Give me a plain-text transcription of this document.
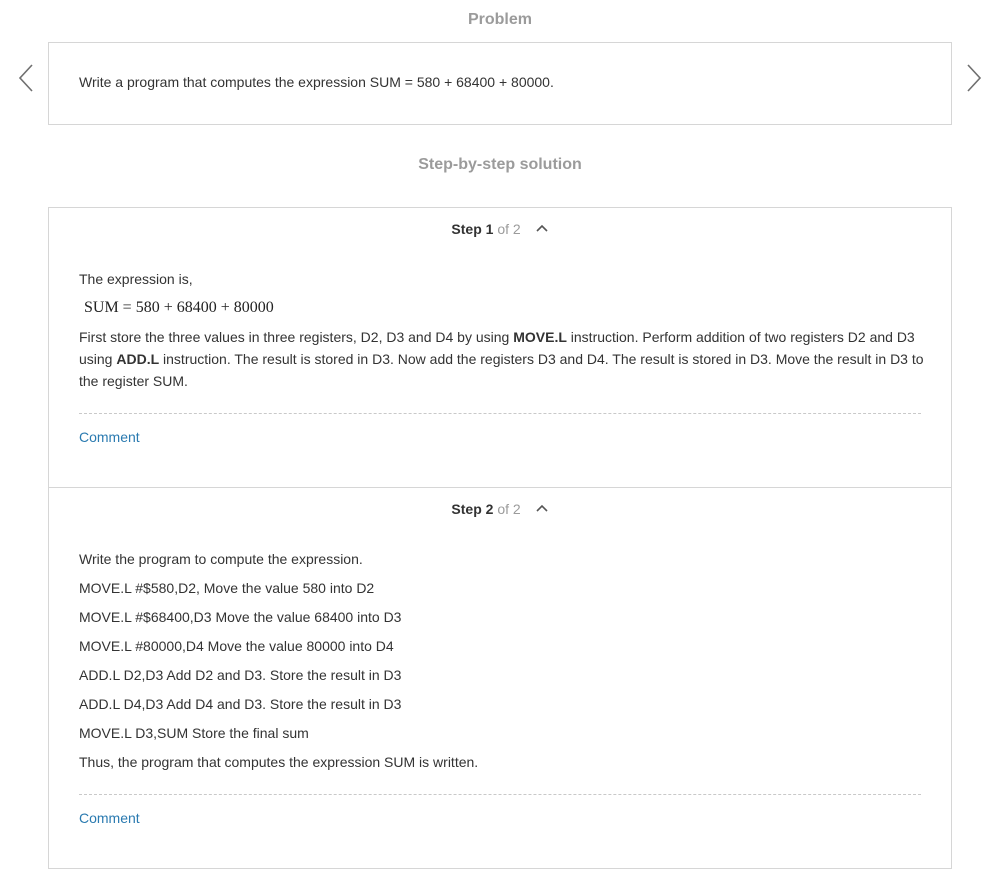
Problem
Write a program that computes the expression SUM = 580 + 68400 + 80000.
Step-by-step solution
Step 1 of 2
The expression is,
SUM = 580 + 68400 + 80000
First store the three values in three registers, D2, D3 and D4 by using MOVE.L instruction. Perform addition of two registers D2 and D3 using ADD.L instruction. The result is stored in D3. Now add the registers D3 and D4. The result is stored in D3. Move the result in D3 to the register SUM.
Comment
Step 2 of 2
Write the program to compute the expression.
MOVE.L #$580,D2, Move the value 580 into D2
MOVE.L #$68400,D3 Move the value 68400 into D3
MOVE.L #80000,D4 Move the value 80000 into D4
ADD.L D2,D3 Add D2 and D3. Store the result in D3
ADD.L D4,D3 Add D4 and D3. Store the result in D3
MOVE.L D3,SUM Store the final sum
Thus, the program that computes the expression SUM is written.
Comment
